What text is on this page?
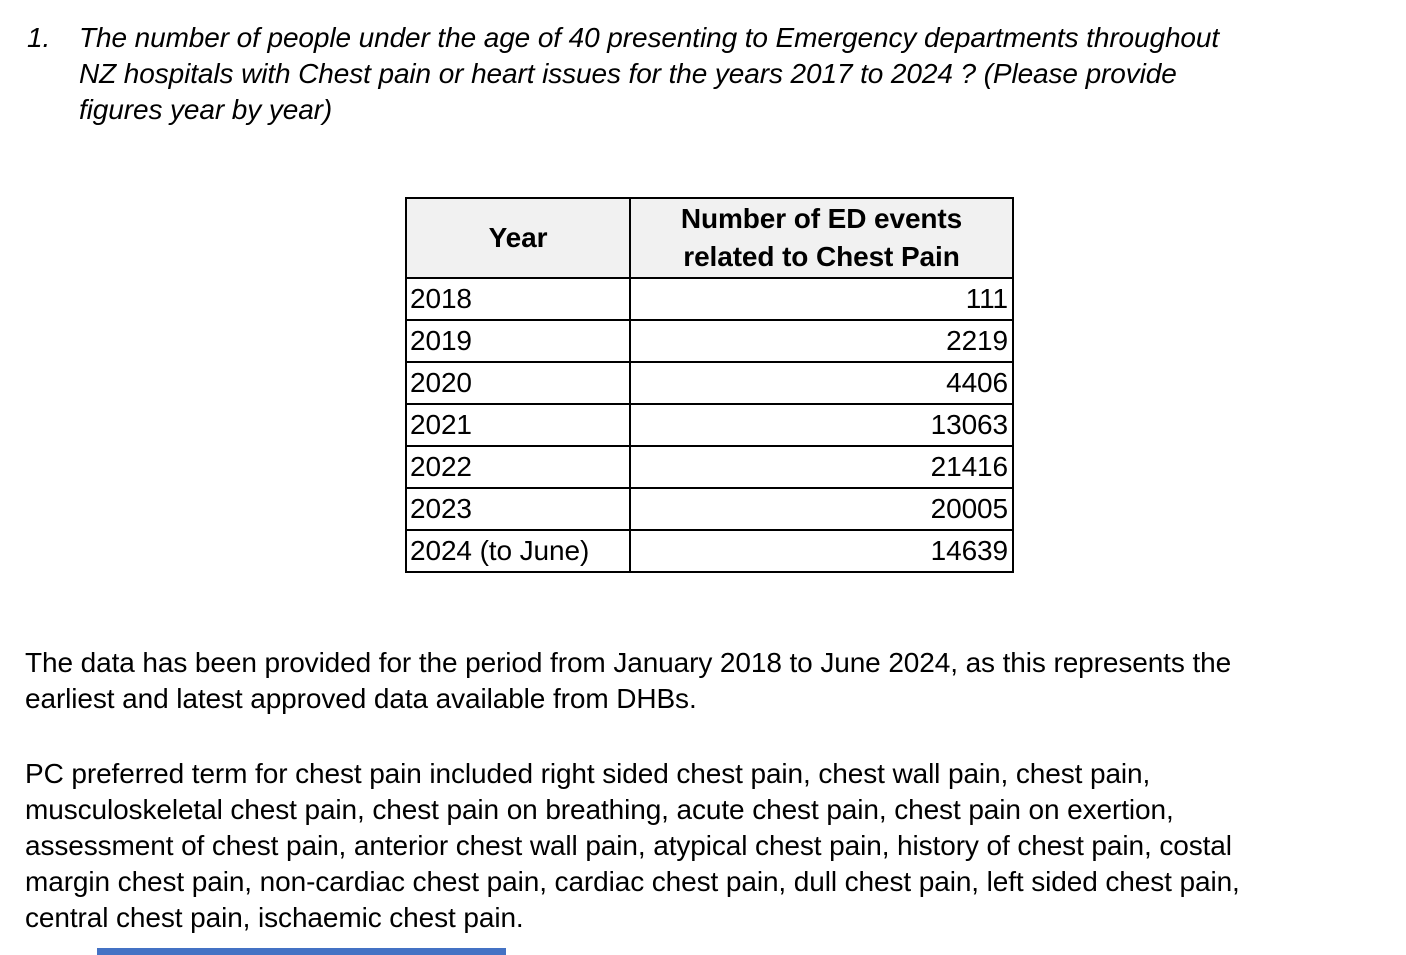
1.	The number of people under the age of 40 presenting to Emergency departments throughout
NZ hospitals with Chest pain or heart issues for the years 2017 to 2024 ? (Please provide
figures year by year)
Year	Number of ED events
related to Chest Pain

2018	111
2019	2219
2020	4406
2021	13063
2022	21416
2023	20005
2024 (to June)	14639
The data has been provided for the period from January 2018 to June 2024, as this represents the
earliest and latest approved data available from DHBs.
PC preferred term for chest pain included right sided chest pain, chest wall pain, chest pain,
musculoskeletal chest pain, chest pain on breathing, acute chest pain, chest pain on exertion,
assessment of chest pain, anterior chest wall pain, atypical chest pain, history of chest pain, costal
margin chest pain, non-cardiac chest pain, cardiac chest pain, dull chest pain, left sided chest pain,
central chest pain, ischaemic chest pain.
